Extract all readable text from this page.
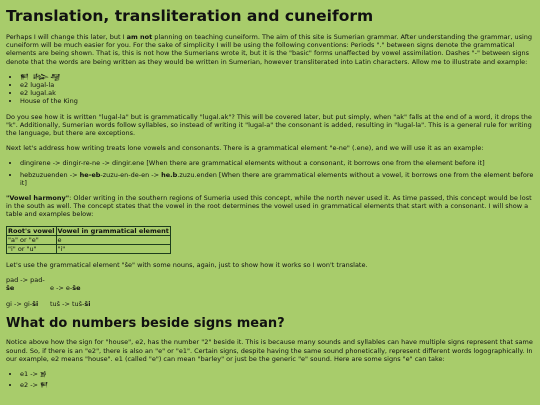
Translation, transliteration and cuneiform

Perhaps I will change this later, but I am not planning on teaching cuneiform. The aim of this site is Sumerian grammar. After understanding the grammar, using cuneiform will be much easier for you. For the sake of simplicity I will be using the following conventions: Periods "." between signs denote the grammatical elements are being shown. That is, this is not how the Sumerians wrote it, but it is the "basic" forms unaffected by vowel assimilation. Dashes "-" between signs denote that the words are being written as they would be written in Sumerian, however transliterated into Latin characters. Allow me to illustrate and example:

• 𒂍 𒈗𒆷
• e2 lugal-la
• e2 lugal.ak
• House of the King

Do you see how it is written "lugal-la" but is grammatically "lugal.ak"? This will be covered later, but put simply, when "ak" falls at the end of a word, it drops the "k". Additionally, Sumerian words follow syllables, so instead of writing it "lugal-a" the consonant is added, resulting in "lugal-la". This is a general rule for writing the language, but there are exceptions.

Next let's address how writing treats lone vowels and consonants. There is a grammatical element "e-ne" (.ene), and we will use it as an example:

• dingirene -> dingir-re-ne -> dingir.ene [When there are grammatical elements without a consonant, it borrows one from the element before it]
• hebzuzuenden -> he-eb-zuzu-en-de-en -> he.b.zuzu.enden [When there are grammatical elements without a vowel, it borrows one from the element before it]

"Vowel harmony": Older writing in the southern regions of Sumeria used this concept, while the north never used it. As time passed, this concept would be lost in the south as well. The concept states that the vowel in the root determines the vowel used in grammatical elements that start with a consonant. I will show a table and examples below:

Root's vowel	Vowel in grammatical element
"a" or "e"	e
"i" or "u"	"i"

Let's use the grammatical element "še" with some nouns, again, just to show how it works so I won't translate.

pad -> pad-še	e -> e-še
gi -> gi-ši tuš -> tuš-ši
What do numbers beside signs mean?

Notice above how the sign for "house", e2, has the number "2" beside it. This is because many sounds and syllables can have multiple signs represent that same sound. So, if there is an "e2", there is also an "e" or "e1". Certain signs, despite having the same sound phonetically, represent different words logographically. In our example, e2 means "house". e1 (called "e") can mean "barley" or just be the generic "e" sound. Here are some signs "e" can take:

• e1 -> 𒂊
• e2 -> 𒂍
